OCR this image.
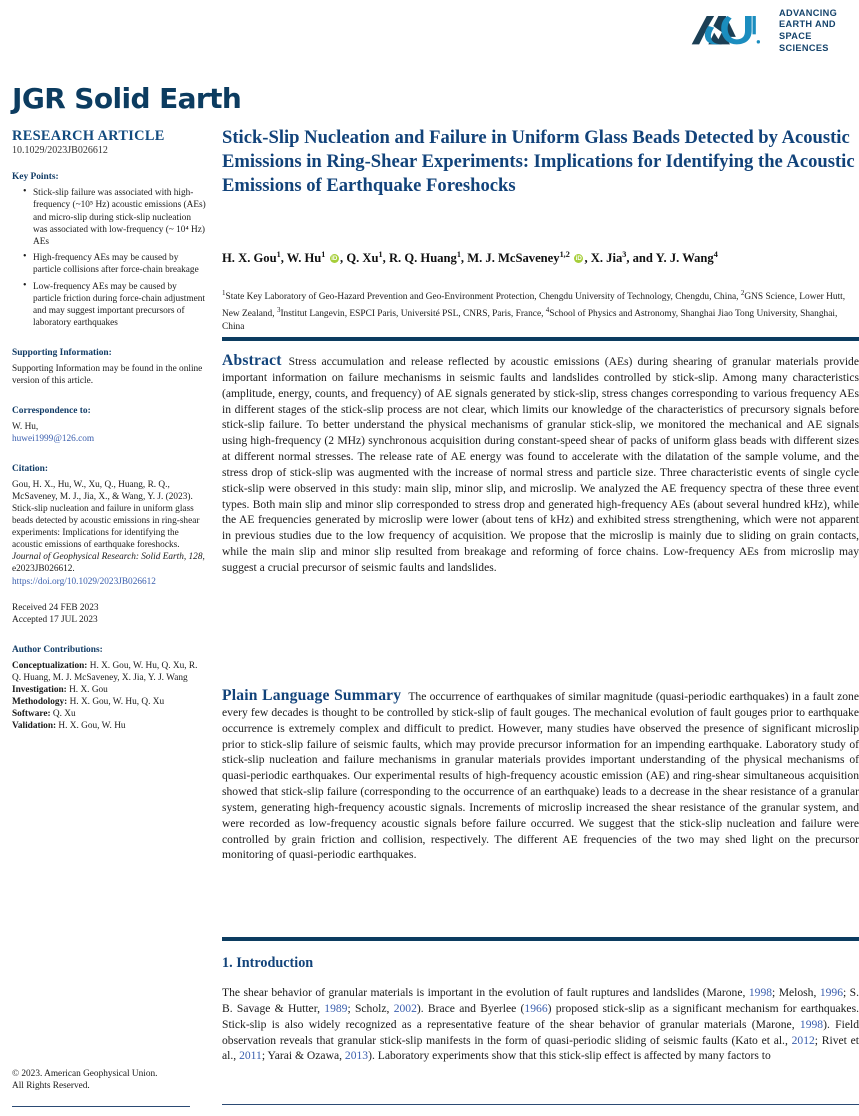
ADVANCING
EARTH AND
SPACE SCIENCES
JGR Solid Earth
RESEARCH ARTICLE
10.1029/2023JB026612
Key Points:
• Stick-slip failure was associated with high-frequency (~10⁵ Hz) acoustic emissions (AEs) and micro-slip during stick-slip nucleation was associated with low-frequency (~ 10⁴ Hz) AEs
• High-frequency AEs may be caused by particle collisions after force-chain breakage
• Low-frequency AEs may be caused by particle friction during force-chain adjustment and may suggest important precursors of laboratory earthquakes
Supporting Information:

Supporting Information may be found in the online version of this article.

Correspondence to:

W. Hu,

huwei1999@126.com

Citation:

Gou, H. X., Hu, W., Xu, Q., Huang, R. Q., McSaveney, M. J., Jia, X., & Wang, Y. J. (2023). Stick-slip nucleation and failure in uniform glass beads detected by acoustic emissions in ring-shear experiments: Implications for identifying the acoustic emissions of earthquake foreshocks. Journal of Geophysical Research: Solid Earth, 128, e2023JB026612. https://doi.org/10.1029/2023JB026612

Received 24 FEB 2023

Accepted 17 JUL 2023

Author Contributions:

Conceptualization: H. X. Gou, W. Hu, Q. Xu, R. Q. Huang, M. J. McSaveney, X. Jia, Y. J. Wang

Investigation: H. X. Gou

Methodology: H. X. Gou, W. Hu, Q. Xu

Software: Q. Xu

Validation: H. X. Gou, W. Hu

© 2023. American Geophysical Union.
All Rights Reserved.
Stick-Slip Nucleation and Failure in Uniform Glass Beads Detected by Acoustic Emissions in Ring-Shear Experiments: Implications for Identifying the Acoustic Emissions of Earthquake Foreshocks
H. X. Gou$^1$, W. Hu$^1$ iD , Q. Xu$^1$, R. Q. Huang$^1$, M. J. McSaveney$^{1,2}$ iD , X. Jia$^3$, and Y. J. Wang$^4$
$^1$State Key Laboratory of Geo-Hazard Prevention and Geo-Environment Protection, Chengdu University of Technology, Chengdu, China, $^2$GNS Science, Lower Hutt, New Zealand, $^3$Institut Langevin, ESPCI Paris, Université PSL, CNRS, Paris, France, $^4$School of Physics and Astronomy, Shanghai Jiao Tong University, Shanghai, China

Abstract Stress accumulation and release reflected by acoustic emissions (AEs) during shearing of granular materials provide important information on failure mechanisms in seismic faults and landslides controlled by stick-slip. Among many characteristics (amplitude, energy, counts, and frequency) of AE signals generated by stick-slip, stress changes corresponding to various frequency AEs in different stages of the stick-slip process are not clear, which limits our knowledge of the characteristics of precursory signals before stick-slip failure. To better understand the physical mechanisms of granular stick-slip, we monitored the mechanical and AE signals using high-frequency (2 MHz) synchronous acquisition during constant-speed shear of packs of uniform glass beads with different sizes at different normal stresses. The release rate of AE energy was found to accelerate with the dilatation of the sample volume, and the stress drop of stick-slip was augmented with the increase of normal stress and particle size. Three characteristic events of single cycle stick-slip were observed in this study: main slip, minor slip, and microslip. We analyzed the AE frequency spectra of these three event types. Both main slip and minor slip corresponded to stress drop and generated high-frequency AEs (about several hundred kHz), while the AE frequencies generated by microslip were lower (about tens of kHz) and exhibited stress strengthening, which were not apparent in previous studies due to the low frequency of acquisition. We propose that the microslip is mainly due to sliding on grain contacts, while the main slip and minor slip resulted from breakage and reforming of force chains. Low-frequency AEs from microslip may suggest a crucial precursor of seismic faults and landslides.

Plain Language Summary The occurrence of earthquakes of similar magnitude (quasi-periodic earthquakes) in a fault zone every few decades is thought to be controlled by stick-slip of fault gouges. The mechanical evolution of fault gouges prior to earthquake occurrence is extremely complex and difficult to predict. However, many studies have observed the presence of significant microslip prior to stick-slip failure of seismic faults, which may provide precursor information for an impending earthquake. Laboratory study of stick-slip nucleation and failure mechanisms in granular materials provides important understanding of the physical mechanisms of quasi-periodic earthquakes. Our experimental results of high-frequency acoustic emission (AE) and ring-shear simultaneous acquisition showed that stick-slip failure (corresponding to the occurrence of an earthquake) leads to a decrease in the shear resistance of a granular system, generating high-frequency acoustic signals. Increments of microslip increased the shear resistance of the granular system, and were recorded as low-frequency acoustic signals before failure occurred. We suggest that the stick-slip nucleation and failure were controlled by grain friction and collision, respectively. The different AE frequencies of the two may shed light on the precursor monitoring of quasi-periodic earthquakes.

1. Introduction

The shear behavior of granular materials is important in the evolution of fault ruptures and landslides (Marone, 1998; Melosh, 1996; S. B. Savage & Hutter, 1989; Scholz, 2002). Brace and Byerlee (1966) proposed stick-slip as a significant mechanism for earthquakes. Stick-slip is also widely recognized as a representative feature of the shear behavior of granular materials (Marone, 1998). Field observation reveals that granular stick-slip manifests in the form of quasi-periodic sliding of seismic faults (Kato et al., 2012; Rivet et al., 2011; Yarai & Ozawa, 2013). Laboratory experiments show that this stick-slip effect is affected by many factors to
